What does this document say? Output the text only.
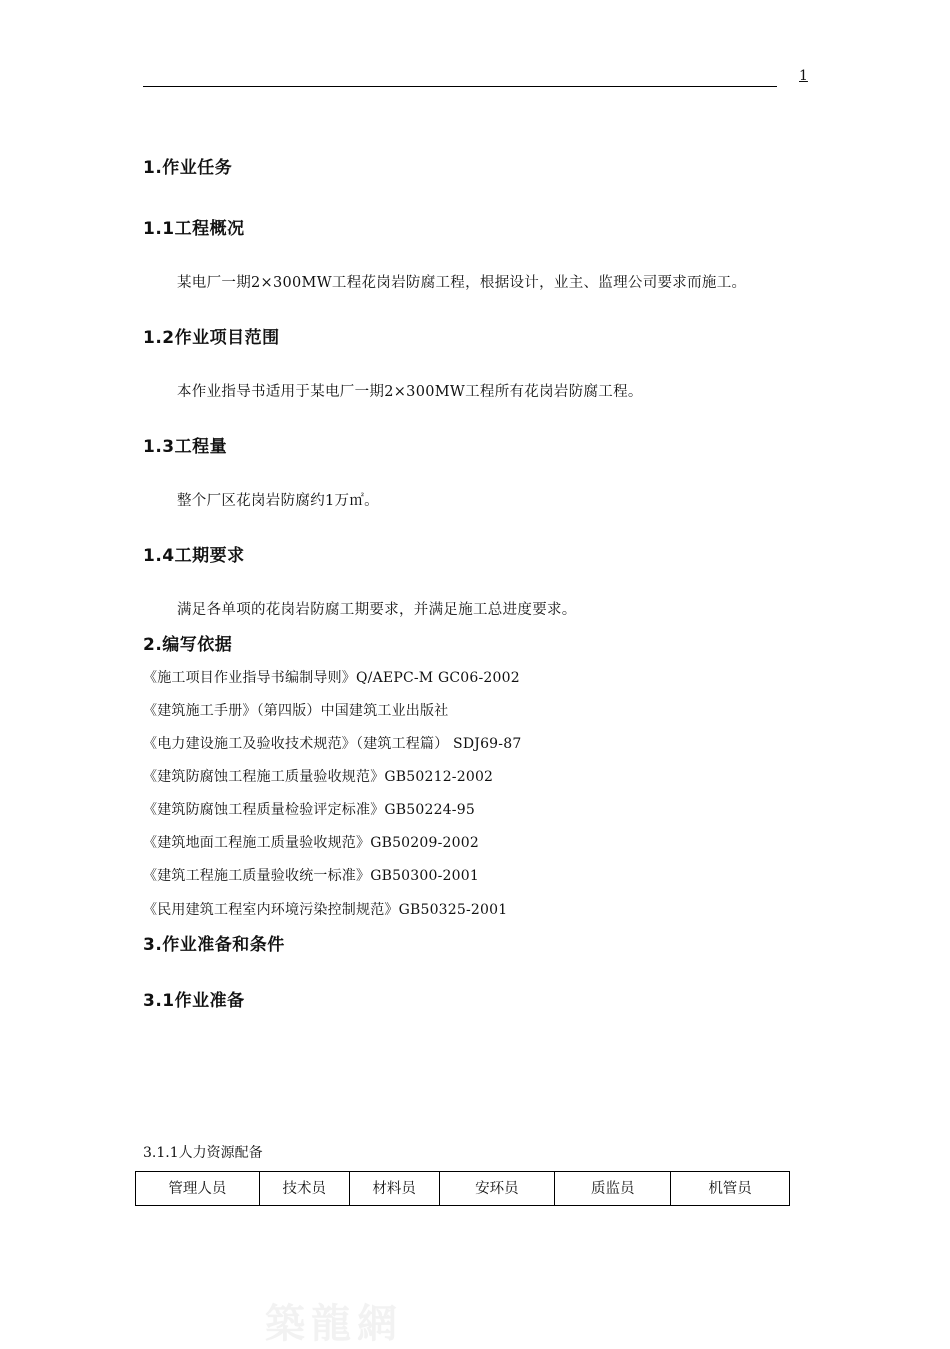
1
1.作业任务
1.1工程概况
某电厂一期2×300MW工程花岗岩防腐工程，根据设计，业主、监理公司要求而施工。
1.2作业项目范围
本作业指导书适用于某电厂一期2×300MW工程所有花岗岩防腐工程。
1.3工程量
整个厂区花岗岩防腐约1万㎡。
1.4工期要求
满足各单项的花岗岩防腐工期要求，并满足施工总进度要求。
2.编写依据
《施工项目作业指导书编制导则》Q/AEPC-M GC06-2002
《建筑施工手册》（第四版）中国建筑工业出版社
《电力建设施工及验收技术规范》（建筑工程篇） SDJ69-87
《建筑防腐蚀工程施工质量验收规范》GB50212-2002
《建筑防腐蚀工程质量检验评定标准》GB50224-95
《建筑地面工程施工质量验收规范》GB50209-2002
《建筑工程施工质量验收统一标准》GB50300-2001
《民用建筑工程室内环境污染控制规范》GB50325-2001
3.作业准备和条件
3.1作业准备
3.1.1人力资源配备
管理人员	技术员	材料员	安环员	质监员	机管员
築龍網
